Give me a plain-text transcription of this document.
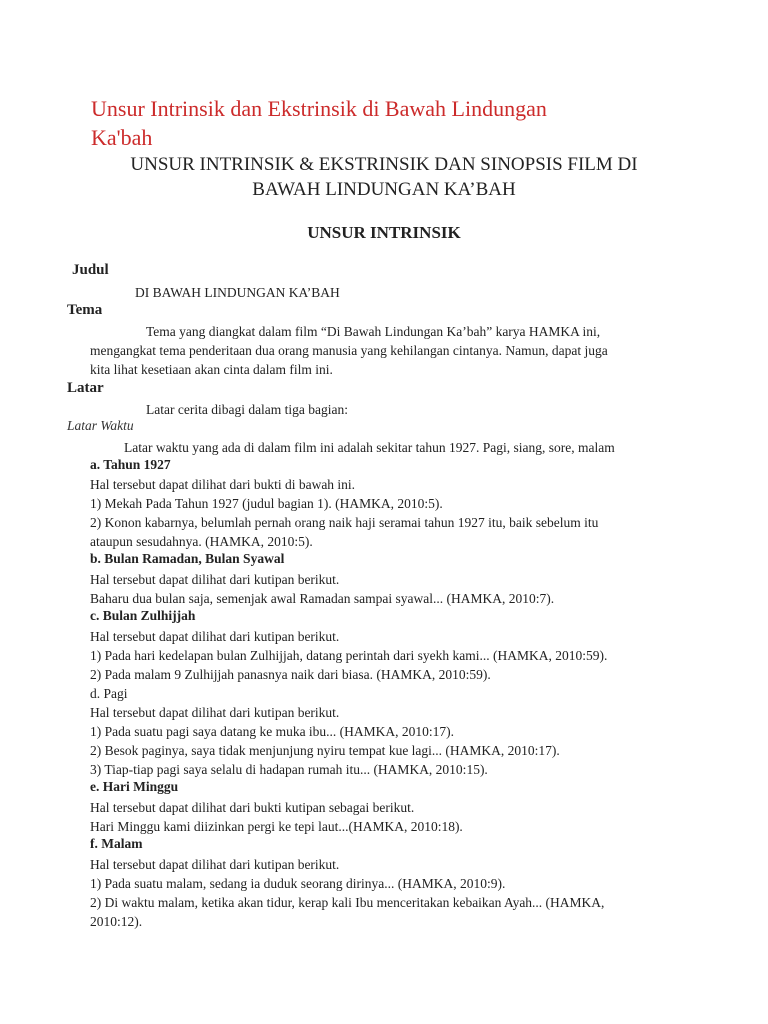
Unsur Intrinsik dan Ekstrinsik di Bawah Lindungan
Ka'bah
UNSUR INTRINSIK & EKSTRINSIK DAN SINOPSIS FILM DI
BAWAH LINDUNGAN KA’BAH
UNSUR INTRINSIK
Judul
DI BAWAH LINDUNGAN KA’BAH
Tema
Tema yang diangkat dalam film “Di Bawah Lindungan Ka’bah” karya HAMKA ini,
mengangkat tema penderitaan dua orang manusia yang kehilangan cintanya. Namun, dapat juga
kita lihat kesetiaan akan cinta dalam film ini.
Latar
Latar cerita dibagi dalam tiga bagian:
Latar Waktu
Latar waktu yang ada di dalam film ini adalah sekitar tahun 1927. Pagi, siang, sore, malam
a. Tahun 1927
Hal tersebut dapat dilihat dari bukti di bawah ini.
1) Mekah Pada Tahun 1927 (judul bagian 1). (HAMKA, 2010:5).
2) Konon kabarnya, belumlah pernah orang naik haji seramai tahun 1927 itu, baik sebelum itu
ataupun sesudahnya. (HAMKA, 2010:5).
b. Bulan Ramadan, Bulan Syawal
Hal tersebut dapat dilihat dari kutipan berikut.
Baharu dua bulan saja, semenjak awal Ramadan sampai syawal... (HAMKA, 2010:7).
c. Bulan Zulhijjah
Hal tersebut dapat dilihat dari kutipan berikut.
1) Pada hari kedelapan bulan Zulhijjah, datang perintah dari syekh kami... (HAMKA, 2010:59).
2) Pada malam 9 Zulhijjah panasnya naik dari biasa. (HAMKA, 2010:59).
d. Pagi
Hal tersebut dapat dilihat dari kutipan berikut.
1) Pada suatu pagi saya datang ke muka ibu... (HAMKA, 2010:17).
2) Besok paginya, saya tidak menjunjung nyiru tempat kue lagi... (HAMKA, 2010:17).
3) Tiap-tiap pagi saya selalu di hadapan rumah itu... (HAMKA, 2010:15).
e. Hari Minggu
Hal tersebut dapat dilihat dari bukti kutipan sebagai berikut.
Hari Minggu kami diizinkan pergi ke tepi laut...(HAMKA, 2010:18).
f. Malam
Hal tersebut dapat dilihat dari kutipan berikut.
1) Pada suatu malam, sedang ia duduk seorang dirinya... (HAMKA, 2010:9).
2) Di waktu malam, ketika akan tidur, kerap kali Ibu menceritakan kebaikan Ayah... (HAMKA,
2010:12).
